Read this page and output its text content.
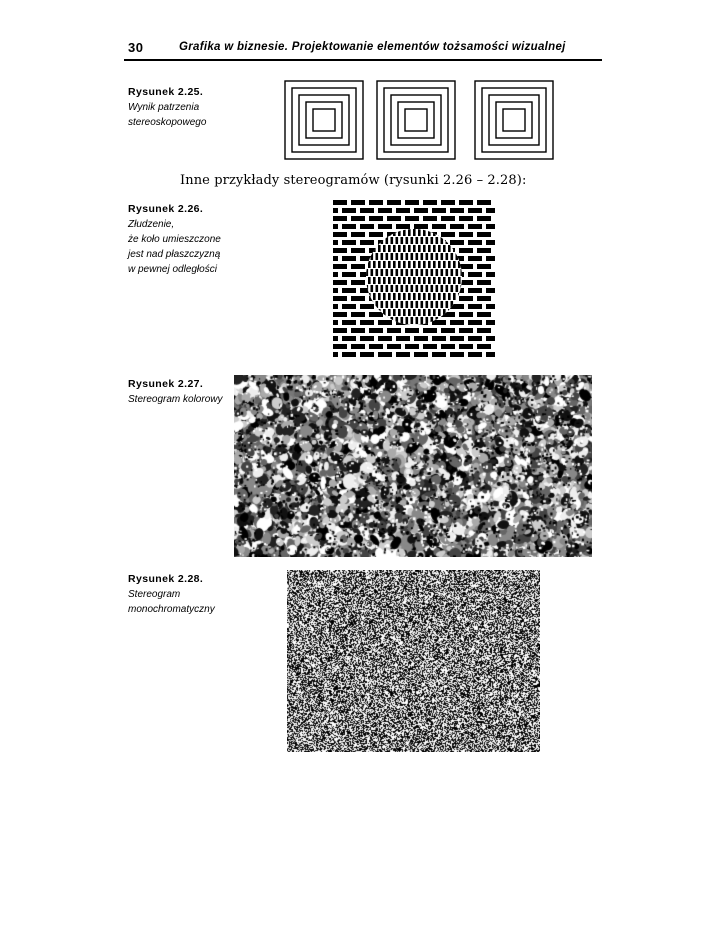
30	Grafika w biznesie. Projektowanie elementów tożsamości wizualnej
Rysunek 2.25.
Wynik patrzenia
stereoskopowego
Inne przykłady stereogramów (rysunki 2.26 – 2.28):
Rysunek 2.26.
Złudzenie,
że koło umieszczone
jest nad płaszczyzną
w pewnej odległości
Rysunek 2.27.
Stereogram kolorowy
Rysunek 2.28.
Stereogram
monochromatyczny
